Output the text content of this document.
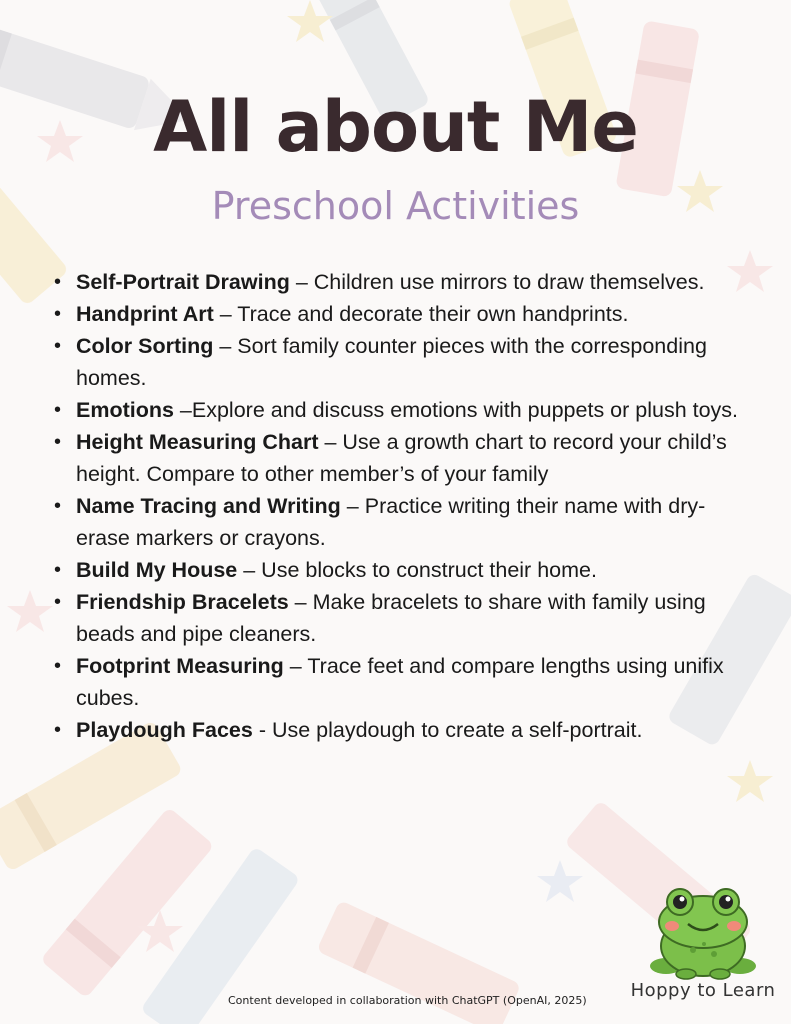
All about Me
Preschool Activities
• Self-Portrait Drawing – Children use mirrors to draw themselves.
• Handprint Art – Trace and decorate their own handprints.
• Color Sorting – Sort family counter pieces with the corresponding homes.
• Emotions –Explore and discuss emotions with puppets or plush toys.
• Height Measuring Chart – Use a growth chart to record your child’s height. Compare to other member’s of your family
• Name Tracing and Writing – Practice writing their name with dry-erase markers or crayons.
• Build My House – Use blocks to construct their home.
• Friendship Bracelets – Make bracelets to share with family using beads and pipe cleaners.
• Footprint Measuring – Trace feet and compare lengths using unifix cubes.
• Playdough Faces - Use playdough to create a self-portrait.
Content developed in collaboration with ChatGPT (OpenAI, 2025) Hoppy to Learn
